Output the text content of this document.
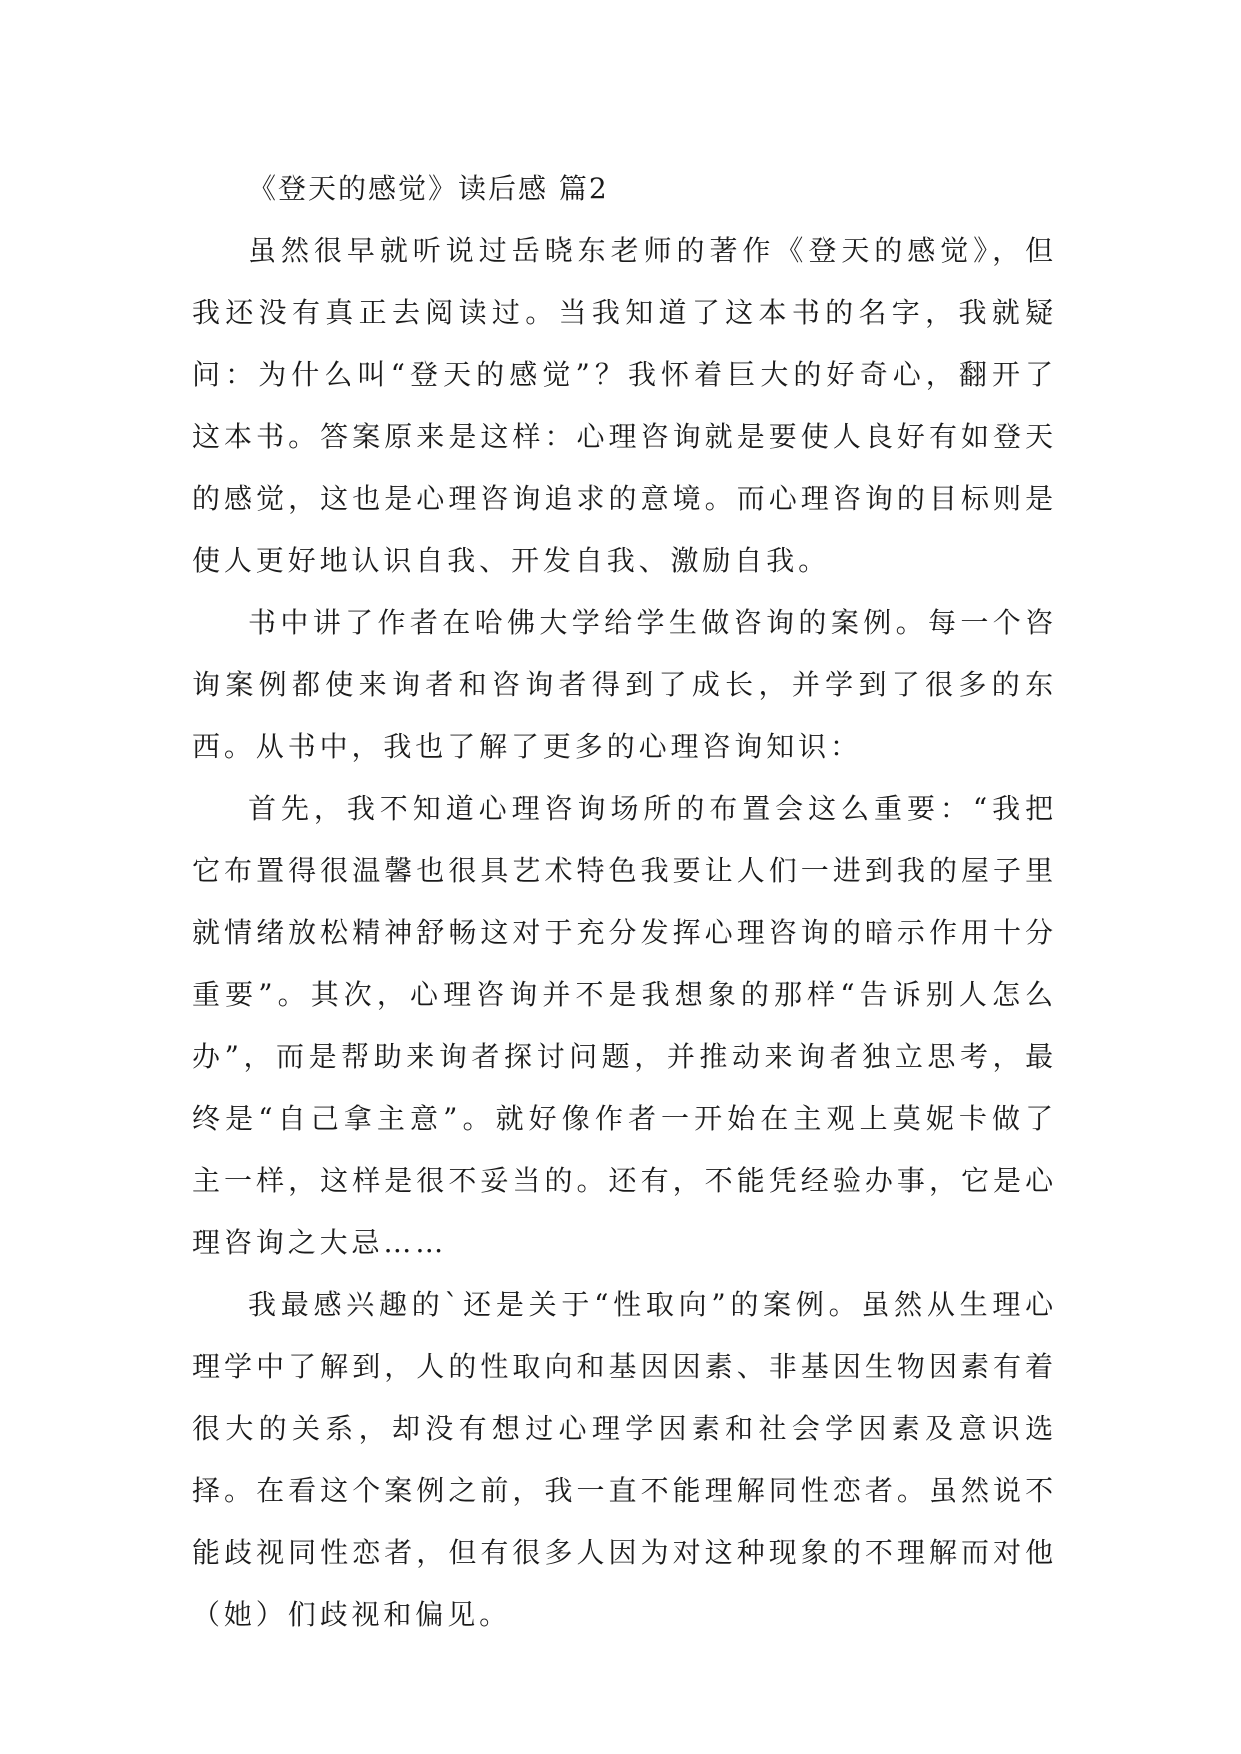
《登天的感觉》读后感 篇2

虽然很早就听说过岳晓东老师的著作《登天的感觉》，但我还没有真正去阅读过。当我知道了这本书的名字，我就疑问：为什么叫“登天的感觉”？我怀着巨大的好奇心，翻开了这本书。答案原来是这样：心理咨询就是要使人良好有如登天的感觉，这也是心理咨询追求的意境。而心理咨询的目标则是使人更好地认识自我、开发自我、激励自我。

书中讲了作者在哈佛大学给学生做咨询的案例。每一个咨询案例都使来询者和咨询者得到了成长，并学到了很多的东西。从书中，我也了解了更多的心理咨询知识：

首先，我不知道心理咨询场所的布置会这么重要：“我把它布置得很温馨也很具艺术特色我要让人们一进到我的屋子里就情绪放松精神舒畅这对于充分发挥心理咨询的暗示作用十分重要”。其次，心理咨询并不是我想象的那样“告诉别人怎么办”，而是帮助来询者探讨问题，并推动来询者独立思考，最终是“自己拿主意”。就好像作者一开始在主观上莫妮卡做了主一样，这样是很不妥当的。还有，不能凭经验办事，它是心理咨询之大忌……

我最感兴趣的`还是关于“性取向”的案例。虽然从生理心理学中了解到，人的性取向和基因因素、非基因生物因素有着很大的关系，却没有想过心理学因素和社会学因素及意识选择。在看这个案例之前，我一直不能理解同性恋者。虽然说不能歧视同性恋者，但有很多人因为对这种现象的不理解而对他（她）们歧视和偏见。
